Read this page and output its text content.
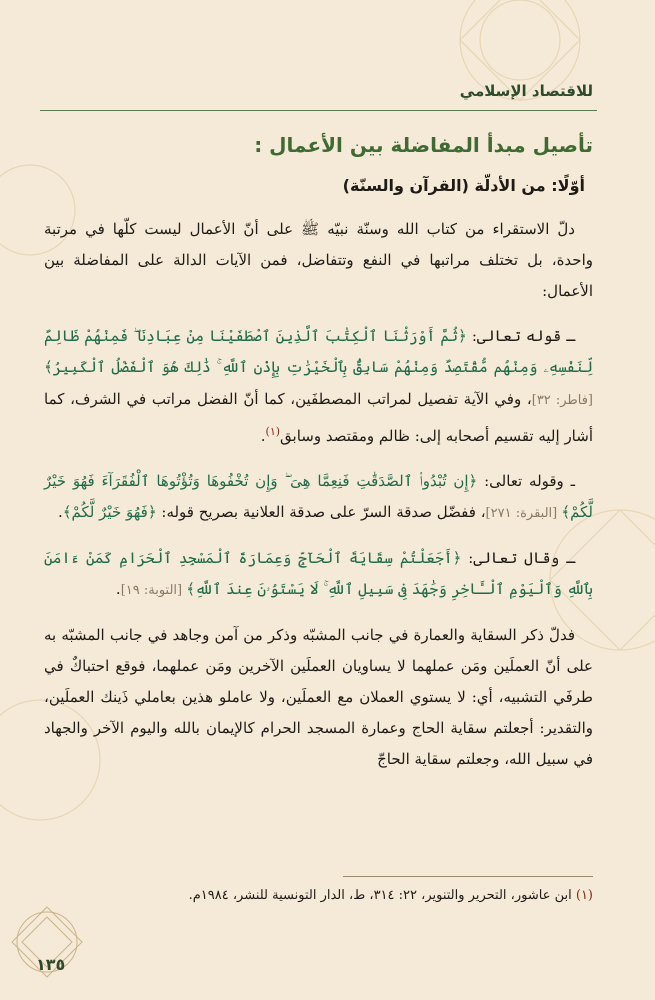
للاقتصاد الإسلامي
تأصيل مبدأ المفاضلة بين الأعمال :
أوّلًا: من الأدلّة (القرآن والسنّة)

دلّ الاستقراء من كتاب الله وسنّة نبيّه ﷺ على أنّ الأعمال ليست كلّها في مرتبة واحدة، بل تختلف مراتبها في النفع وتتفاضل، فمن الآيات الدالة على المفاضلة بين الأعمال:

ـ قوله تعالى: ﴿ثُمَّ أَوْرَثْنَا ٱلْكِتَٰبَ ٱلَّذِينَ ٱصْطَفَيْنَا مِنْ عِبَادِنَا ۖ فَمِنْهُمْ ظَالِمٌ لِّنَفْسِهِۦ وَمِنْهُم مُّقْتَصِدٌ وَمِنْهُمْ سَابِقٌۢ بِٱلْخَيْرَٰتِ بِإِذْنِ ٱللَّهِ ۚ ذَٰلِكَ هُوَ ٱلْفَضْلُ ٱلْكَبِيرُ﴾ [فاطر: ٣٢]، وفي الآية تفصيل لمراتب المصطفَين، كما أنّ الفضل مراتب في الشرف، كما أشار إليه تقسيم أصحابه إلى: ظالم ومقتصد وسابق$^{(١)}$.

ـ وقوله تعالى: ﴿إِن تُبْدُوا۟ ٱلصَّدَقَٰتِ فَنِعِمَّا هِىَ ۖ وَإِن تُخْفُوهَا وَتُؤْتُوهَا ٱلْفُقَرَآءَ فَهُوَ خَيْرٌ لَّكُمْ﴾ [البقرة: ٢٧١]، ففضّل صدقة السرّ على صدقة العلانية بصريح قوله: ﴿فَهُوَ خَيْرٌ لَّكُمْ﴾.

ـ وقال تعالى: ﴿أَجَعَلْتُمْ سِقَايَةَ ٱلْحَآجِّ وَعِمَارَةَ ٱلْمَسْجِدِ ٱلْحَرَامِ كَمَنْ ءَامَنَ بِٱللَّهِ وَٱلْيَوْمِ ٱلْـَٔاخِرِ وَجَٰهَدَ فِى سَبِيلِ ٱللَّهِ ۚ لَا يَسْتَوُۥنَ عِندَ ٱللَّهِ﴾ [التوبة: ١٩].

فدلّ ذكر السقاية والعمارة في جانب المشبّه وذكر من آمن وجاهد في جانب المشبّه به على أنّ العملَين ومَن عملهما لا يساويان العملَين الآخرين ومَن عملهما، فوقع احتباكٌ في طرفَي التشبيه، أي: لا يستوي العملان مع العملَين، ولا عاملو هذين بعاملي ذَينك العملَين، والتقدير: أجعلتم سقاية الحاج وعمارة المسجد الحرام كالإيمان بالله واليوم الآخر والجهاد في سبيل الله، وجعلتم سقاية الحاجّ

(١) ابن عاشور، التحرير والتنوير، ٢٢: ٣١٤، ط، الدار التونسية للنشر، ١٩٨٤م.
١٣٥
